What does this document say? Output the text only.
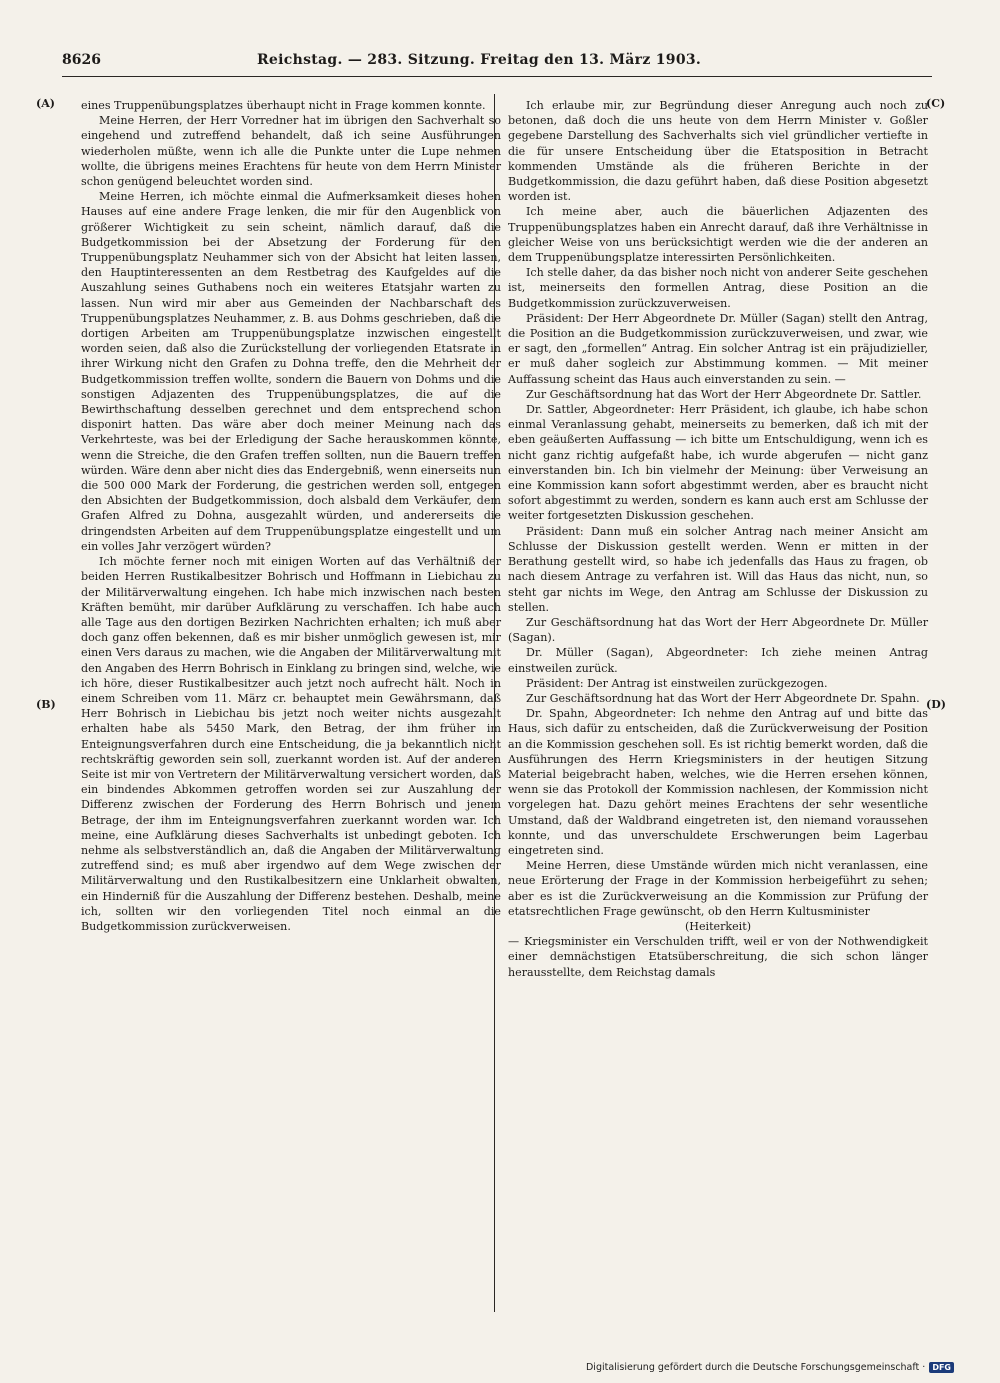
8626	Reichstag. — 283. Sitzung. Freitag den 13. März 1903.
(A)
(B)
(C)
(D)

eines Truppenübungsplatzes überhaupt nicht in Frage kommen konnte.

Meine Herren, der Herr Vorredner hat im übrigen den Sachverhalt so eingehend und zutreffend behandelt, daß ich seine Ausführungen wiederholen müßte, wenn ich alle die Punkte unter die Lupe nehmen wollte, die übrigens meines Erachtens für heute von dem Herrn Minister schon genügend beleuchtet worden sind.

Meine Herren, ich möchte einmal die Aufmerksamkeit dieses hohen Hauses auf eine andere Frage lenken, die mir für den Augenblick von größerer Wichtigkeit zu sein scheint, nämlich darauf, daß die Budgetkommission bei der Absetzung der Forderung für den Truppenübungsplatz Neuhammer sich von der Absicht hat leiten lassen, den Hauptinteressenten an dem Restbetrag des Kaufgeldes auf die Auszahlung seines Guthabens noch ein weiteres Etatsjahr warten zu lassen. Nun wird mir aber aus Gemeinden der Nachbarschaft des Truppenübungsplatzes Neuhammer, z. B. aus Dohms geschrieben, daß die dortigen Arbeiten am Truppenübungsplatze inzwischen eingestellt worden seien, daß also die Zurückstellung der vorliegenden Etatsrate in ihrer Wirkung nicht den Grafen zu Dohna treffe, den die Mehrheit der Budgetkommission treffen wollte, sondern die Bauern von Dohms und die sonstigen Adjazenten des Truppenübungsplatzes, die auf die Bewirthschaftung desselben gerechnet und dem entsprechend schon disponirt hatten. Das wäre aber doch meiner Meinung nach das Verkehrteste, was bei der Erledigung der Sache herauskommen könnte, wenn die Streiche, die den Grafen treffen sollten, nun die Bauern treffen würden. Wäre denn aber nicht dies das Endergebniß, wenn einerseits nun die 500 000 Mark der Forderung, die gestrichen werden soll, entgegen den Absichten der Budgetkommission, doch alsbald dem Verkäufer, dem Grafen Alfred zu Dohna, ausgezahlt würden, und andererseits die dringendsten Arbeiten auf dem Truppenübungsplatze eingestellt und um ein volles Jahr verzögert würden?

Ich möchte ferner noch mit einigen Worten auf das Verhältniß der beiden Herren Rustikalbesitzer Bohrisch und Hoffmann in Liebichau zu der Militärverwaltung eingehen. Ich habe mich inzwischen nach besten Kräften bemüht, mir darüber Aufklärung zu verschaffen. Ich habe auch alle Tage aus den dortigen Bezirken Nachrichten erhalten; ich muß aber doch ganz offen bekennen, daß es mir bisher unmöglich gewesen ist, mir einen Vers daraus zu machen, wie die Angaben der Militärverwaltung mit den Angaben des Herrn Bohrisch in Einklang zu bringen sind, welche, wie ich höre, dieser Rustikalbesitzer auch jetzt noch aufrecht hält. Noch in einem Schreiben vom 11. März cr. behauptet mein Gewährsmann, daß Herr Bohrisch in Liebichau bis jetzt noch weiter nichts ausgezahlt erhalten habe als 5450 Mark, den Betrag, der ihm früher im Enteignungsverfahren durch eine Entscheidung, die ja bekanntlich nicht rechtskräftig geworden sein soll, zuerkannt worden ist. Auf der anderen Seite ist mir von Vertretern der Militärverwaltung versichert worden, daß ein bindendes Abkommen getroffen worden sei zur Auszahlung der Differenz zwischen der Forderung des Herrn Bohrisch und jenem Betrage, der ihm im Enteignungsverfahren zuerkannt worden war. Ich meine, eine Aufklärung dieses Sachverhalts ist unbedingt geboten. Ich nehme als selbstverständlich an, daß die Angaben der Militärverwaltung zutreffend sind; es muß aber irgendwo auf dem Wege zwischen der Militärverwaltung und den Rustikalbesitzern eine Unklarheit obwalten, ein Hinderniß für die Auszahlung der Differenz bestehen. Deshalb, meine ich, sollten wir den vorliegenden Titel noch einmal an die Budgetkommission zurückverweisen.

Ich erlaube mir, zur Begründung dieser Anregung auch noch zu betonen, daß doch die uns heute von dem Herrn Minister v. Goßler gegebene Darstellung des Sachverhalts sich viel gründlicher vertiefte in die für unsere Entscheidung über die Etatsposition in Betracht kommenden Umstände als die früheren Berichte in der Budgetkommission, die dazu geführt haben, daß diese Position abgesetzt worden ist.

Ich meine aber, auch die bäuerlichen Adjazenten des Truppenübungsplatzes haben ein Anrecht darauf, daß ihre Verhältnisse in gleicher Weise von uns berücksichtigt werden wie die der anderen an dem Truppenübungsplatze interessirten Persönlichkeiten.

Ich stelle daher, da das bisher noch nicht von anderer Seite geschehen ist, meinerseits den formellen Antrag, diese Position an die Budgetkommission zurückzuverweisen.

Präsident: Der Herr Abgeordnete Dr. Müller (Sagan) stellt den Antrag, die Position an die Budgetkommission zurückzuverweisen, und zwar, wie er sagt, den „formellen“ Antrag. Ein solcher Antrag ist ein präjudizieller, er muß daher sogleich zur Abstimmung kommen. — Mit meiner Auffassung scheint das Haus auch einverstanden zu sein. —

Zur Geschäftsordnung hat das Wort der Herr Abgeordnete Dr. Sattler.

Dr. Sattler, Abgeordneter: Herr Präsident, ich glaube, ich habe schon einmal Veranlassung gehabt, meinerseits zu bemerken, daß ich mit der eben geäußerten Auffassung — ich bitte um Entschuldigung, wenn ich es nicht ganz richtig aufgefaßt habe, ich wurde abgerufen — nicht ganz einverstanden bin. Ich bin vielmehr der Meinung: über Verweisung an eine Kommission kann sofort abgestimmt werden, aber es braucht nicht sofort abgestimmt zu werden, sondern es kann auch erst am Schlusse der weiter fortgesetzten Diskussion geschehen.

Präsident: Dann muß ein solcher Antrag nach meiner Ansicht am Schlusse der Diskussion gestellt werden. Wenn er mitten in der Berathung gestellt wird, so habe ich jedenfalls das Haus zu fragen, ob nach diesem Antrage zu verfahren ist. Will das Haus das nicht, nun, so steht gar nichts im Wege, den Antrag am Schlusse der Diskussion zu stellen.

Zur Geschäftsordnung hat das Wort der Herr Abgeordnete Dr. Müller (Sagan).

Dr. Müller (Sagan), Abgeordneter: Ich ziehe meinen Antrag einstweilen zurück.

Präsident: Der Antrag ist einstweilen zurückgezogen.

Zur Geschäftsordnung hat das Wort der Herr Abgeordnete Dr. Spahn.

Dr. Spahn, Abgeordneter: Ich nehme den Antrag auf und bitte das Haus, sich dafür zu entscheiden, daß die Zurückverweisung der Position an die Kommission geschehen soll. Es ist richtig bemerkt worden, daß die Ausführungen des Herrn Kriegsministers in der heutigen Sitzung Material beigebracht haben, welches, wie die Herren ersehen können, wenn sie das Protokoll der Kommission nachlesen, der Kommission nicht vorgelegen hat. Dazu gehört meines Erachtens der sehr wesentliche Umstand, daß der Waldbrand eingetreten ist, den niemand voraussehen konnte, und das unverschuldete Erschwerungen beim Lagerbau eingetreten sind.

Meine Herren, diese Umstände würden mich nicht veranlassen, eine neue Erörterung der Frage in der Kommission herbeigeführt zu sehen; aber es ist die Zurückverweisung an die Kommission zur Prüfung der etatsrechtlichen Frage gewünscht, ob den Herrn Kultusminister

(Heiterkeit)

— Kriegsminister ein Verschulden trifft, weil er von der Nothwendigkeit einer demnächstigen Etatsüberschreitung, die sich schon länger herausstellte, dem Reichstag damals

Digitalisierung gefördert durch die Deutsche Forschungsgemeinschaft · DFG
